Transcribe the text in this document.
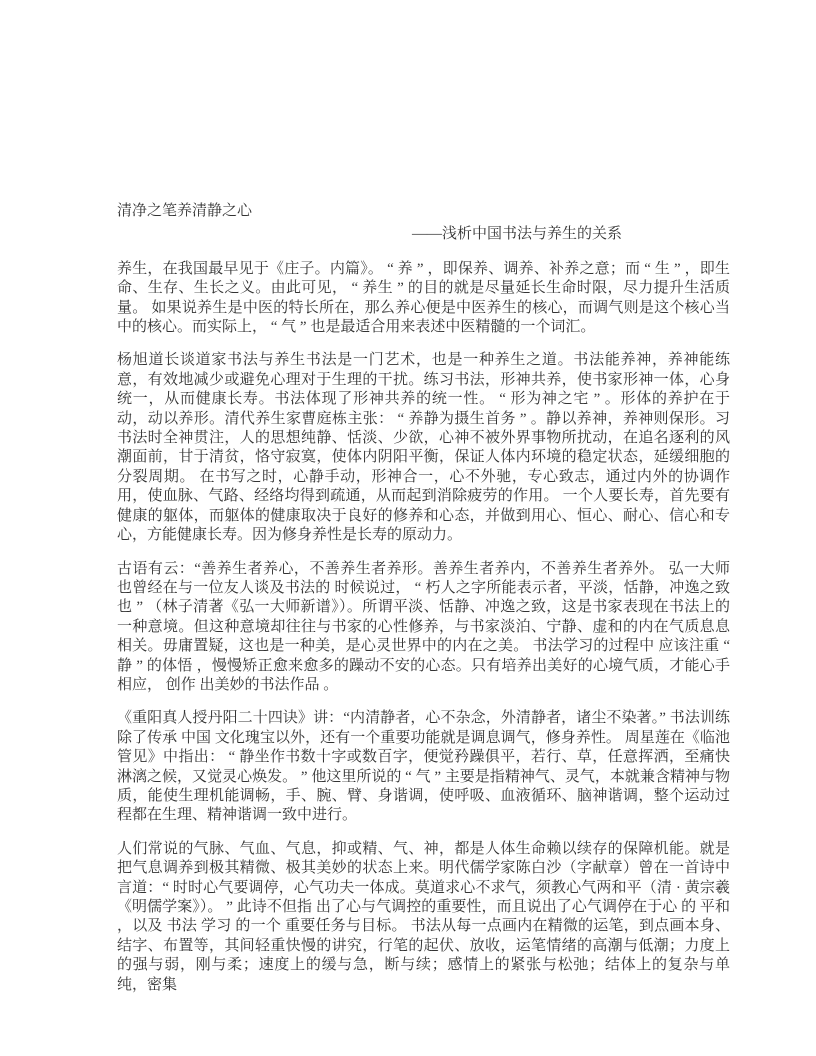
清净之笔养清静之心

——浅析中国书法与养生的关系

养生，在我国最早见于《庄子。内篇》。 “ 养 ” ，即保养、调养、补养之意；而 “ 生 ” ，即生命、生存、生长之义。由此可见， “ 养生 ” 的目的就是尽量延长生命时限，尽力提升生活质量。 如果说养生是中医的特长所在，那么养心便是中医养生的核心，而调气则是这个核心当中的核心。而实际上， “ 气 ” 也是最适合用来表述中医精髓的一个词汇。

杨旭道长谈道家书法与养生书法是一门艺术，也是一种养生之道。书法能养神，养神能练意，有效地减少或避免心理对于生理的干扰。练习书法，形神共养，使书家形神一体，心身统一，从而健康长寿。书法体现了形神共养的统一性。 “ 形为神之宅 ” 。形体的养护在于动，动以养形。清代养生家曹庭栋主张： “ 养静为摄生首务 ” 。静以养神，养神则保形。习书法时全神贯注，人的思想纯静、恬淡、少欲，心神不被外界事物所扰动，在追名逐利的风潮面前，甘于清贫，恪守寂寞，使体内阴阳平衡，保证人体内环境的稳定状态，延缓细胞的分裂周期。 在书写之时，心静手动，形神合一，心不外驰，专心致志，通过内外的协调作用，使血脉、气路、经络均得到疏通，从而起到消除疲劳的作用。 一个人要长寿，首先要有健康的躯体，而躯体的健康取决于良好的修养和心态，并做到用心、恒心、耐心、信心和专心，方能健康长寿。因为修身养性是长寿的原动力。

古语有云：“善养生者养心，不善养生者养形。善养生者养内，不善养生者养外。 弘一大师 也曾经在与一位友人谈及书法的 时候说过， “ 朽人之字所能表示者，平淡，恬静，冲逸之致也 ” （林子清著《弘一大师新谱》）。所谓平淡、恬静、冲逸之致，这是书家表现在书法上的一种意境。但这种意境却往往与书家的心性修养，与书家淡泊、宁静、虚和的内在气质息息相关。毋庸置疑，这也是一种美，是心灵世界中的内在之美。 书法学习的过程中 应该注重 “ 静 ” 的体悟 ，慢慢矫正愈来愈多的躁动不安的心态。只有培养出美好的心境气质，才能心手相应， 创作 出美妙的书法作品 。

《重阳真人授丹阳二十四诀》讲：“内清静者，心不杂念，外清静者，诸尘不染著。” 书法训练除了传承 中国 文化瑰宝以外，还有一个重要功能就是调息调气，修身养性。 周星莲在《临池管见》中指出： “ 静坐作书数十字或数百字，便觉矜躁俱平，若行、草，任意挥洒，至痛快淋漓之候，又觉灵心焕发。 ” 他这里所说的 “ 气 ” 主要是指精神气、灵气，本就兼含精神与物质，能使生理机能调畅，手、腕、臂、身谐调，使呼吸、血液循环、脑神谐调，整个运动过程都在生理、精神谐调一致中进行。

人们常说的气脉、气血、气息，抑或精、气、神，都是人体生命赖以续存的保障机能。就是把气息调养到极其精微、极其美妙的状态上来。明代儒学家陈白沙（字献章）曾在一首诗中言道：“ 时时心气要调停，心气功夫一体成。莫道求心不求气，须教心气两和平（清 · 黄宗羲《明儒学案》）。 ” 此诗不但指 出了心与气调控的重要性，而且说出了心气调停在于心 的 平和 ，以及 书法 学习 的一个 重要任务与目标。 书法从每一点画内在精微的运笔，到点画本身、结字、布置等，其间轻重快慢的讲究，行笔的起伏、放收，运笔情绪的高潮与低潮；力度上的强与弱，刚与柔；速度上的缓与急，断与续；感情上的紧张与松弛；结体上的复杂与单纯，密集
